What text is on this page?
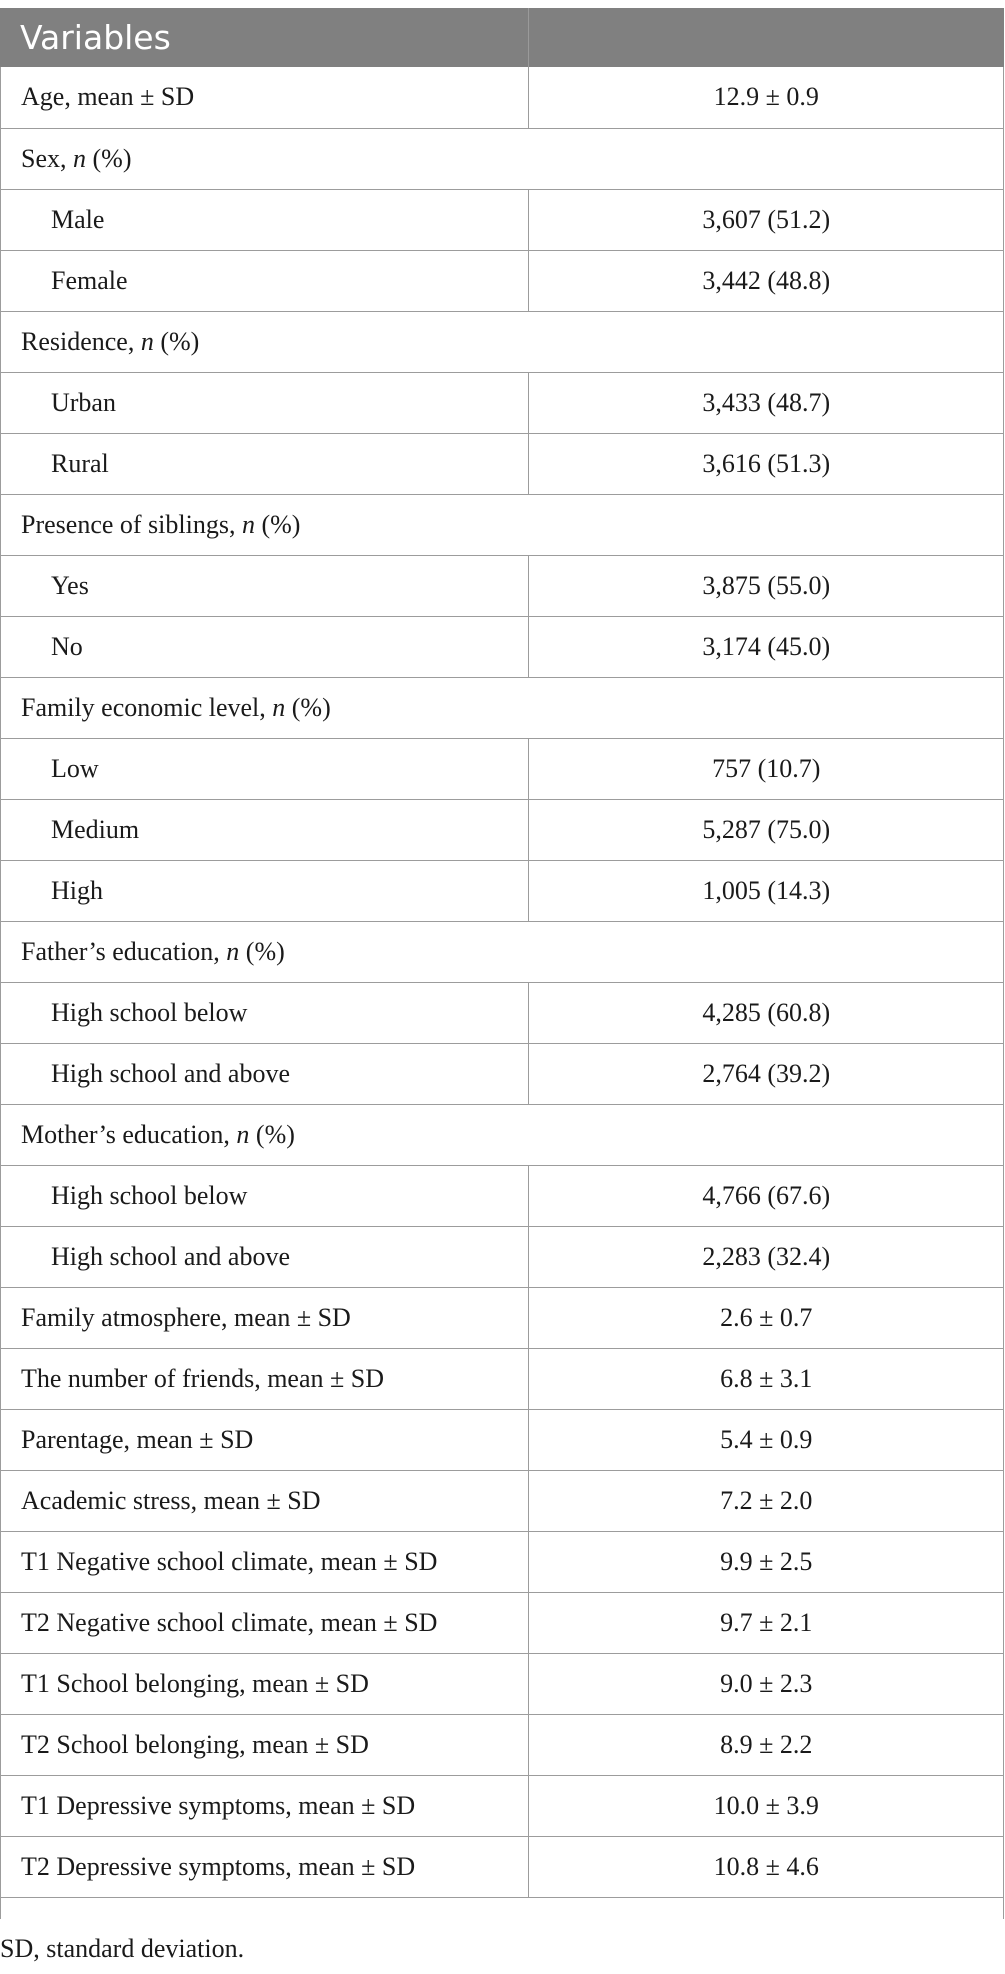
Variables	
Age, mean ± SD	12.9 ± 0.9
Sex, n (%)	
Male	3,607 (51.2)
Female	3,442 (48.8)
Residence, n (%)	
Urban	3,433 (48.7)
Rural	3,616 (51.3)
Presence of siblings, n (%)	
Yes	3,875 (55.0)
No	3,174 (45.0)
Family economic level, n (%)	
Low	757 (10.7)
Medium	5,287 (75.0)
High	1,005 (14.3)
Father’s education, n (%)	
High school below	4,285 (60.8)
High school and above	2,764 (39.2)
Mother’s education, n (%)	
High school below	4,766 (67.6)
High school and above	2,283 (32.4)
Family atmosphere, mean ± SD	2.6 ± 0.7
The number of friends, mean ± SD	6.8 ± 3.1
Parentage, mean ± SD	5.4 ± 0.9
Academic stress, mean ± SD	7.2 ± 2.0
T1 Negative school climate, mean ± SD	9.9 ± 2.5
T2 Negative school climate, mean ± SD	9.7 ± 2.1
T1 School belonging, mean ± SD	9.0 ± 2.3
T2 School belonging, mean ± SD	8.9 ± 2.2
T1 Depressive symptoms, mean ± SD	10.0 ± 3.9
T2 Depressive symptoms, mean ± SD	10.8 ± 4.6
SD, standard deviation.
